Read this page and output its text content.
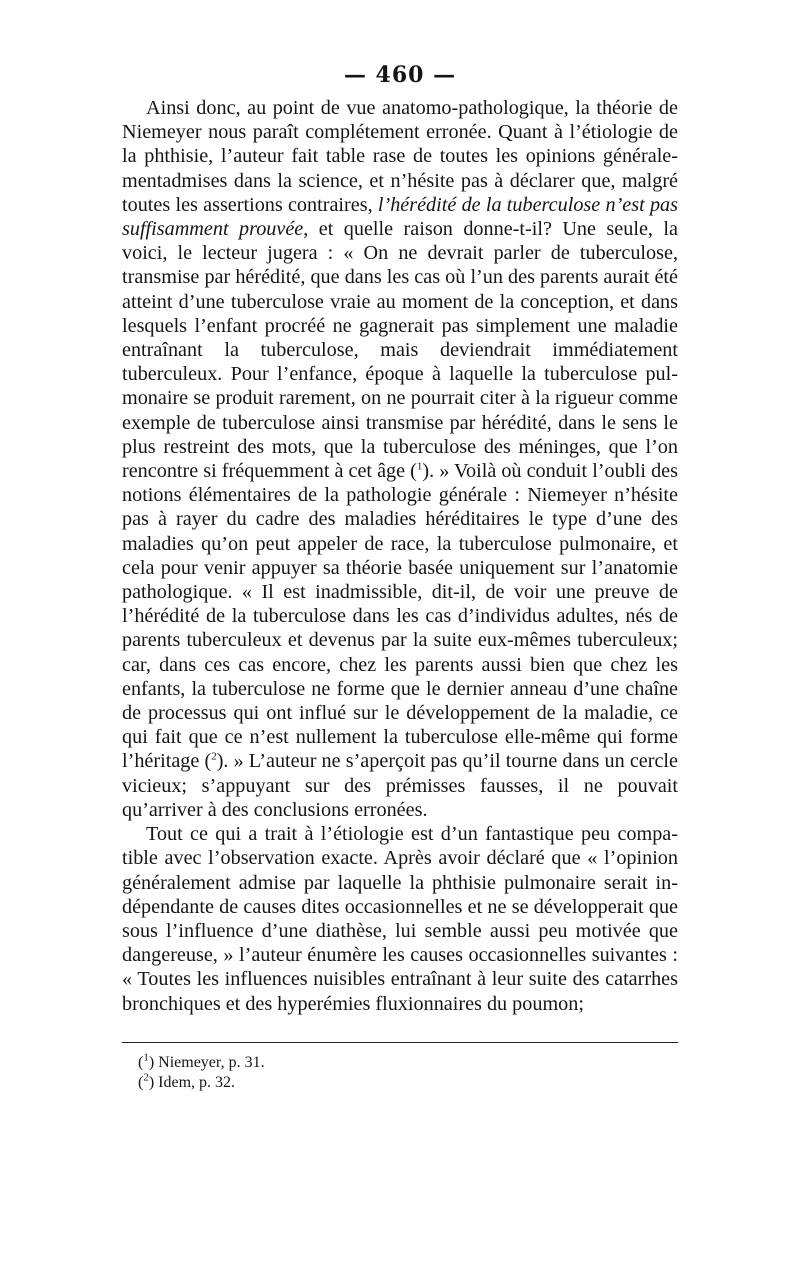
— 460 —

Ainsi donc, au point de vue anatomo-pathologique, la théorie de Niemeyer nous paraît complétement erronée. Quant à l’étiologie de la phthisie, l’auteur fait table rase de toutes les opinions généralementadmises dans la science, et n’hésite pas à déclarer que, malgré toutes les assertions contraires, l’hérédité de la tuberculose n’est pas suffisamment prouvée, et quelle raison donne-t-il? Une seule, la voici, le lecteur jugera : « On ne devrait parler de tuberculose, transmise par hérédité, que dans les cas où l’un des parents aurait été atteint d’une tuberculose vraie au moment de la conception, et dans lesquels l’enfant procréé ne gagnerait pas simplement une maladie entraînant la tuberculose, mais deviendrait immédiatement tuberculeux. Pour l’enfance, époque à laquelle la tuberculose pulmonaire se produit rarement, on ne pourrait citer à la rigueur comme exemple de tuberculose ainsi transmise par hérédité, dans le sens le plus restreint des mots, que la tuberculose des méninges, que l’on rencontre si fréquemment à cet âge ($^1$). » Voilà où conduit l’oubli des notions élémentaires de la pathologie générale : Niemeyer n’hésite pas à rayer du cadre des maladies héréditaires le type d’une des maladies qu’on peut appeler de race, la tuberculose pulmonaire, et cela pour venir appuyer sa théorie basée uniquement sur l’anatomie pathologique. « Il est inadmissible, dit-il, de voir une preuve de l’hérédité de la tuberculose dans les cas d’individus adultes, nés de parents tuberculeux et devenus par la suite eux-mêmes tuberculeux; car, dans ces cas encore, chez les parents aussi bien que chez les enfants, la tuberculose ne forme que le dernier anneau d’une chaîne de processus qui ont influé sur le développement de la maladie, ce qui fait que ce n’est nullement la tuberculose elle-même qui forme l’héritage ($^2$). » L’auteur ne s’aperçoit pas qu’il tourne dans un cercle vicieux; s’appuyant sur des prémisses fausses, il ne pouvait qu’arriver à des conclusions erronées.

Tout ce qui a trait à l’étiologie est d’un fantastique peu compatible avec l’observation exacte. Après avoir déclaré que « l’opinion généralement admise par laquelle la phthisie pulmonaire serait indépendante de causes dites occasionnelles et ne se développerait que sous l’influence d’une diathèse, lui semble aussi peu motivée que dangereuse, » l’auteur énumère les causes occasionnelles suivantes : « Toutes les influences nuisibles entraînant à leur suite des catarrhes bronchiques et des hyperémies fluxionnaires du poumon;

($^1$) Niemeyer, p. 31.

($^2$) Idem, p. 32.
